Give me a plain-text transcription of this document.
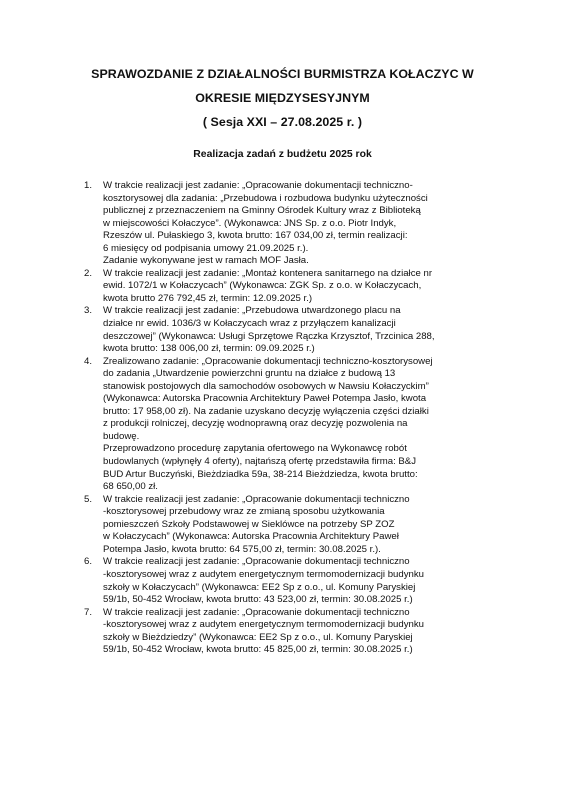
SPRAWOZDANIE Z DZIAŁALNOŚCI BURMISTRZA KOŁACZYC W
OKRESIE MIĘDZYSESYJNYM
( Sesja XXI – 27.08.2025 r. )
Realizacja zadań z budżetu 2025 rok
1. W trakcie realizacji jest zadanie: „Opracowanie dokumentacji techniczno-
kosztorysowej dla zadania: „Przebudowa i rozbudowa budynku użyteczności
publicznej z przeznaczeniem na Gminny Ośrodek Kultury wraz z Biblioteką
w miejscowości Kołaczyce”. (Wykonawca: JNS Sp. z o.o. Piotr Indyk,
Rzeszów ul. Pułaskiego 3, kwota brutto: 167 034,00 zł, termin realizacji:
6 miesięcy od podpisania umowy 21.09.2025 r.).
Zadanie wykonywane jest w ramach MOF Jasła.
2. W trakcie realizacji jest zadanie: „Montaż kontenera sanitarnego na działce nr
ewid. 1072/1 w Kołaczycach” (Wykonawca: ZGK Sp. z o.o. w Kołaczycach,
kwota brutto 276 792,45 zł, termin: 12.09.2025 r.)
3. W trakcie realizacji jest zadanie: „Przebudowa utwardzonego placu na
działce nr ewid. 1036/3 w Kołaczycach wraz z przyłączem kanalizacji
deszczowej” (Wykonawca: Usługi Sprzętowe Rączka Krzysztof, Trzcinica 288,
kwota brutto: 138 006,00 zł, termin: 09.09.2025 r.)
4. Zrealizowano zadanie: „Opracowanie dokumentacji techniczno-kosztorysowej
do zadania „Utwardzenie powierzchni gruntu na działce z budową 13
stanowisk postojowych dla samochodów osobowych w Nawsiu Kołaczyckim”
(Wykonawca: Autorska Pracownia Architektury Paweł Potempa Jasło, kwota
brutto: 17 958,00 zł). Na zadanie uzyskano decyzję wyłączenia części działki
z produkcji rolniczej, decyzję wodnoprawną oraz decyzję pozwolenia na
budowę.
Przeprowadzono procedurę zapytania ofertowego na Wykonawcę robót
budowlanych (wpłynęły 4 oferty), najtańszą ofertę przedstawiła firma: B&J
BUD Artur Buczyński, Bieżdziadka 59a, 38-214 Bieżdziedza, kwota brutto:
68 650,00 zł.
5. W trakcie realizacji jest zadanie: „Opracowanie dokumentacji techniczno
-kosztorysowej przebudowy wraz ze zmianą sposobu użytkowania
pomieszczeń Szkoły Podstawowej w Sieklówce na potrzeby SP ZOZ
w Kołaczycach” (Wykonawca: Autorska Pracownia Architektury Paweł
Potempa Jasło, kwota brutto: 64 575,00 zł, termin: 30.08.2025 r.).
6. W trakcie realizacji jest zadanie: „Opracowanie dokumentacji techniczno
-kosztorysowej wraz z audytem energetycznym termomodernizacji budynku
szkoły w Kołaczycach” (Wykonawca: EE2 Sp z o.o., ul. Komuny Paryskiej
59/1b, 50-452 Wrocław, kwota brutto: 43 523,00 zł, termin: 30.08.2025 r.)
7. W trakcie realizacji jest zadanie: „Opracowanie dokumentacji techniczno
-kosztorysowej wraz z audytem energetycznym termomodernizacji budynku
szkoły w Bieżdziedzy” (Wykonawca: EE2 Sp z o.o., ul. Komuny Paryskiej
59/1b, 50-452 Wrocław, kwota brutto: 45 825,00 zł, termin: 30.08.2025 r.)
